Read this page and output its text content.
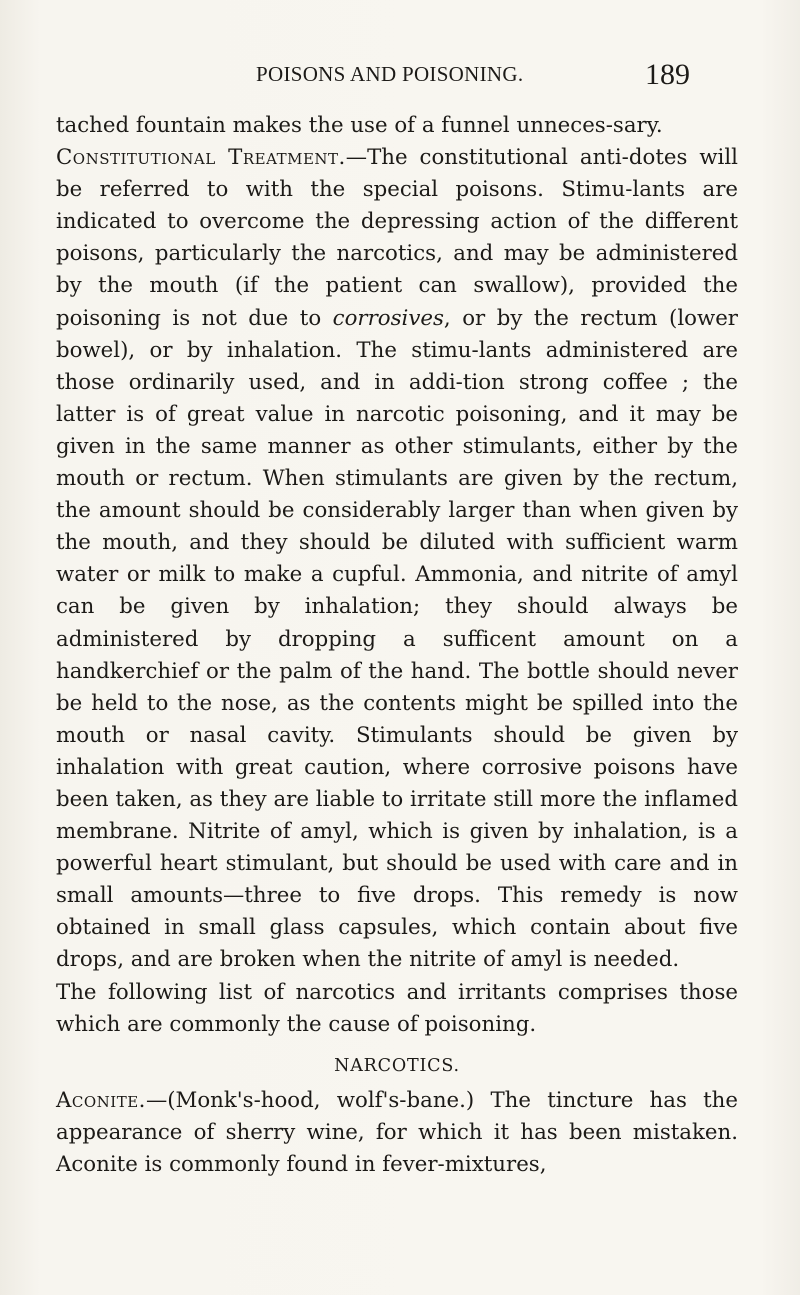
POISONS AND POISONING.	189

tached fountain makes the use of a funnel unneces-sary.

Constitutional Treatment.—The constitutional anti-dotes will be referred to with the special poisons. Stimu-lants are indicated to overcome the depressing action of the different poisons, particularly the narcotics, and may be administered by the mouth (if the patient can swallow), provided the poisoning is not due to corrosives, or by the rectum (lower bowel), or by inhalation. The stimu-lants administered are those ordinarily used, and in addi-tion strong coffee ; the latter is of great value in narcotic poisoning, and it may be given in the same manner as other stimulants, either by the mouth or rectum. When stimulants are given by the rectum, the amount should be considerably larger than when given by the mouth, and they should be diluted with sufficient warm water or milk to make a cupful. Ammonia, and nitrite of amyl can be given by inhalation; they should always be administered by dropping a sufficent amount on a handkerchief or the palm of the hand. The bottle should never be held to the nose, as the contents might be spilled into the mouth or nasal cavity. Stimulants should be given by inhalation with great caution, where corrosive poisons have been taken, as they are liable to irritate still more the inflamed membrane. Nitrite of amyl, which is given by inhalation, is a powerful heart stimulant, but should be used with care and in small amounts—three to five drops. This remedy is now obtained in small glass capsules, which contain about five drops, and are broken when the nitrite of amyl is needed.

The following list of narcotics and irritants comprises those which are commonly the cause of poisoning.

NARCOTICS.

Aconite.—(Monk's-hood, wolf's-bane.) The tincture has the appearance of sherry wine, for which it has been mistaken. Aconite is commonly found in fever-mixtures,
